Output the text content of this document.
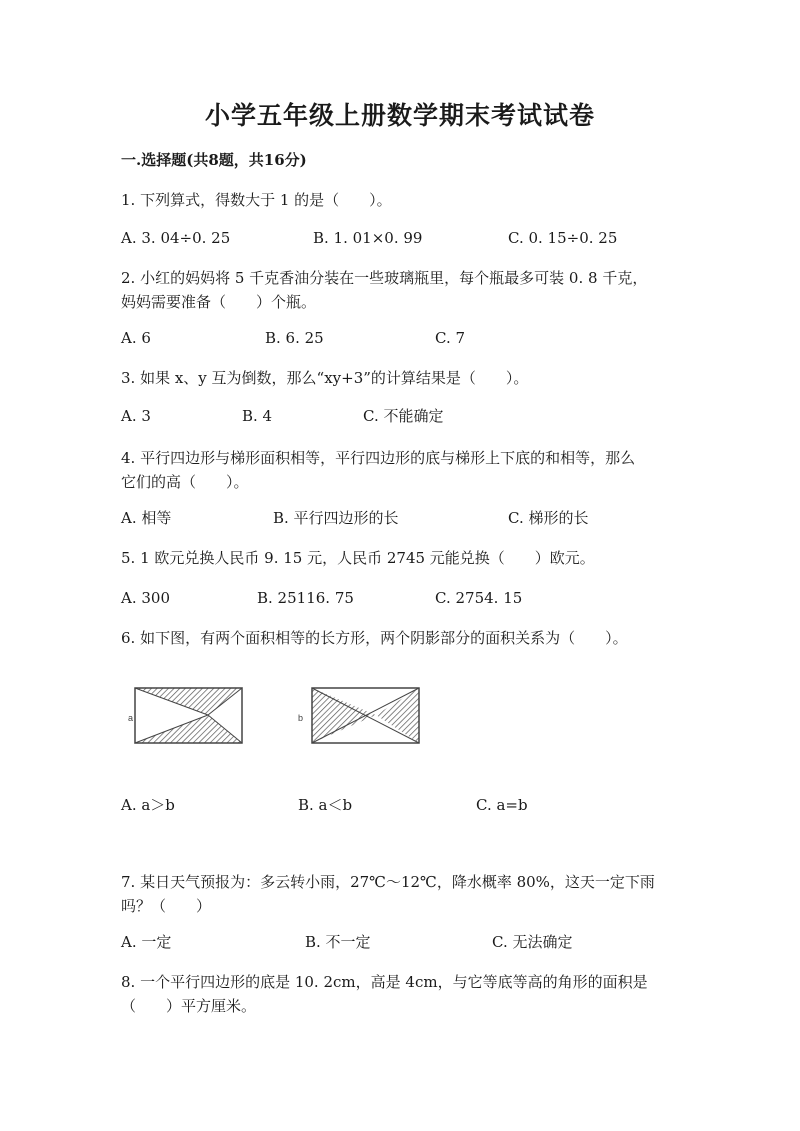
小学五年级上册数学期末考试试卷
一.选择题(共8题，共16分)
1. 下列算式，得数大于 1 的是（　　）。
A. 3. 04÷0. 25	B. 1. 01×0. 99	C. 0. 15÷0. 25
2. 小红的妈妈将 5 千克香油分装在一些玻璃瓶里，每个瓶最多可装 0. 8 千克，
妈妈需要准备（　　）个瓶。
A. 6	B. 6. 25	C. 7
3. 如果 x、y 互为倒数，那么“xy+3”的计算结果是（　　）。
A. 3	B. 4	C. 不能确定
4. 平行四边形与梯形面积相等，平行四边形的底与梯形上下底的和相等，那么
它们的高（　　）。
A. 相等	B. 平行四边形的长	C. 梯形的长
5. 1 欧元兑换人民币 9. 15 元，人民币 2745 元能兑换（　　）欧元。
A. 300	B. 25116. 75	C. 2754. 15
6. 如下图，有两个面积相等的长方形，两个阴影部分的面积关系为（　　）。
a	b
A. a＞b	B. a＜b	C. a=b
7. 某日天气预报为：多云转小雨，27℃～12℃，降水概率 80%，这天一定下雨
吗？（　　）
A. 一定	B. 不一定	C. 无法确定
8. 一个平行四边形的底是 10. 2cm，高是 4cm，与它等底等高的角形的面积是
（　　）平方厘米。
